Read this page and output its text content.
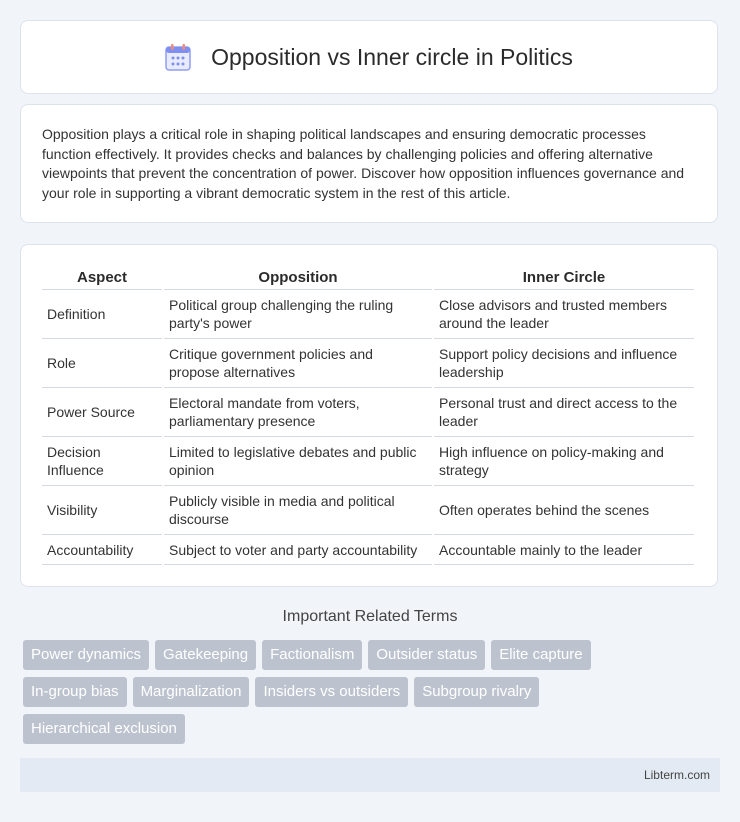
Opposition vs Inner circle in Politics

Opposition plays a critical role in shaping political landscapes and ensuring democratic processes function effectively. It provides checks and balances by challenging policies and offering alternative viewpoints that prevent the concentration of power. Discover how opposition influences governance and your role in supporting a vibrant democratic system in the rest of this article.

Aspect	Opposition	Inner Circle
Definition	Political group challenging the ruling party's power	Close advisors and trusted members around the leader
Role	Critique government policies and propose alternatives	Support policy decisions and influence leadership
Power Source	Electoral mandate from voters, parliamentary presence	Personal trust and direct access to the leader
Decision Influence	Limited to legislative debates and public opinion	High influence on policy-making and strategy
Visibility	Publicly visible in media and political discourse	Often operates behind the scenes
Accountability	Subject to voter and party accountability	Accountable mainly to the leader
Important Related Terms
Power dynamics	Gatekeeping	Factionalism	Outsider status	Elite capture
In-group bias	Marginalization	Insiders vs outsiders	Subgroup rivalry
Hierarchical exclusion
Libterm.com
